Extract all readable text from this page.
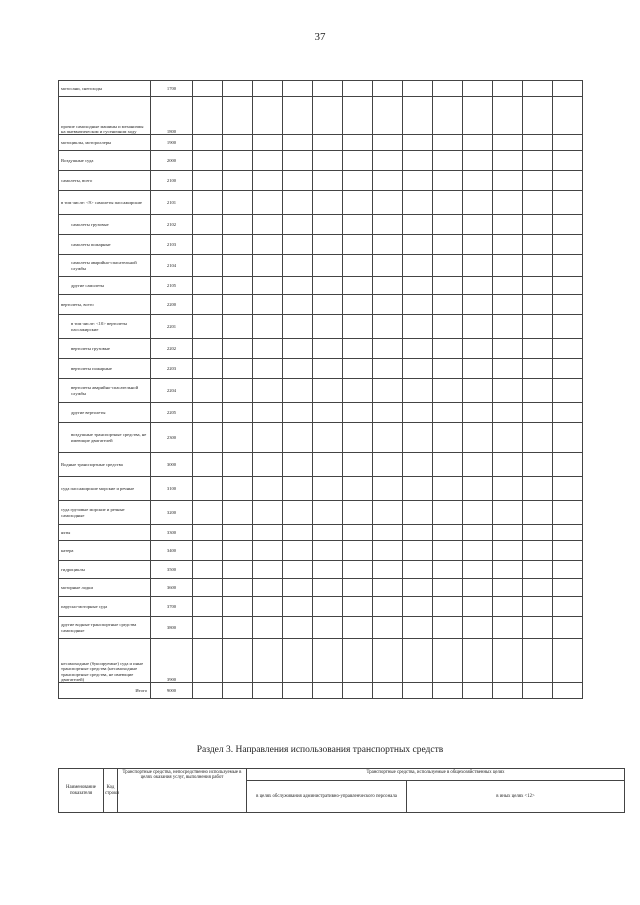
37
мотосани, снегоходы	1700													
прочие самоходные машины и механизмы на пневматическом и гусеничном ходу	1800													
мотоциклы, мотороллеры	1900													
Воздушные суда	2000													
самолеты, всего	2100													
в том числе: <9> самолеты пассажирские	2101													
самолеты грузовые	2102													
самолеты пожарные	2103													
самолеты аварийно-спасательной службы	2104													
другие самолеты	2105													
вертолеты, всего	2200													
в том числе: <10> вертолеты пассажирские	2201													
вертолеты грузовые	2202													
вертолеты пожарные	2203													
вертолеты аварийно-спасательной службы	2204													
другие вертолеты	2205													
воздушные транспортные средства, не имеющие двигателей	2300													
Водные транспортные средства	3000													
суда пассажирские морские и речные	3100													
суда грузовые морские и речные самоходные	3200													
яхты	3300													
катера	3400													
гидроциклы	3500													
моторные лодки	3600													
парусно-моторные суда	3700													
другие водные транспортные средства самоходные	3800													
несамоходные (буксируемые) суда и иные транспортные средства (несамоходные транспортные средства, не имеющие двигателей)	3900													
Итого	9000													
Раздел 3. Направления использования транспортных средств
Наименование показателя	Код строки	Транспортные средства, непосредственно используемые в целях оказания услуг, выполнения работ	Транспортные средства, используемые в общехозяйственных целях	
			в целях обслуживания административно-управленческого персонала	в иных целях <12>
